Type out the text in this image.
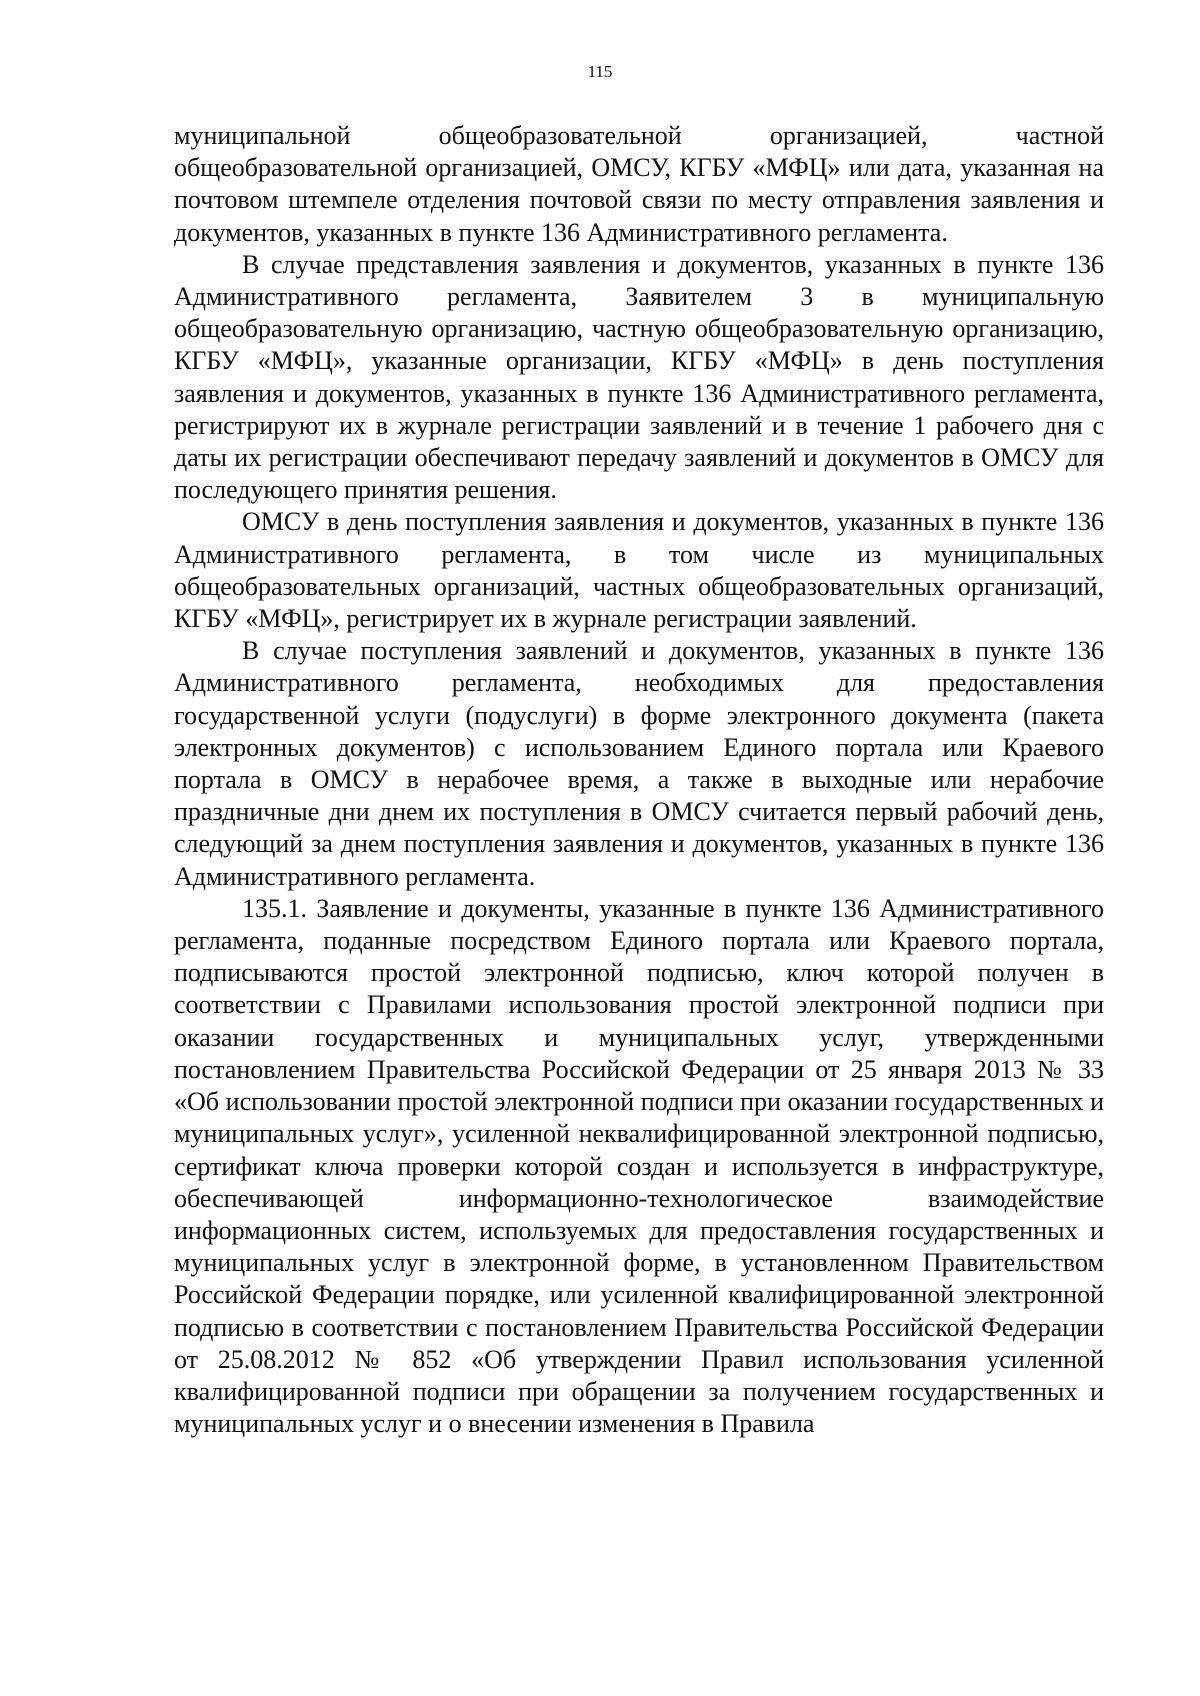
115

муниципальной общеобразовательной организацией, частной общеобразовательной организацией, ОМСУ, КГБУ «МФЦ» или дата, указанная на почтовом штемпеле отделения почтовой связи по месту отправления заявления и документов, указанных в пункте 136 Административного регламента.

В случае представления заявления и документов, указанных в пункте 136 Административного регламента, Заявителем 3 в муниципальную общеобразовательную организацию, частную общеобразовательную организацию, КГБУ «МФЦ», указанные организации, КГБУ «МФЦ» в день поступления заявления и документов, указанных в пункте 136 Административного регламента, регистрируют их в журнале регистрации заявлений и в течение 1 рабочего дня с даты их регистрации обеспечивают передачу заявлений и документов в ОМСУ для последующего принятия решения.

ОМСУ в день поступления заявления и документов, указанных в пункте 136 Административного регламента, в том числе из муниципальных общеобразовательных организаций, частных общеобразовательных организаций, КГБУ «МФЦ», регистрирует их в журнале регистрации заявлений.

В случае поступления заявлений и документов, указанных в пункте 136 Административного регламента, необходимых для предоставления государственной услуги (подуслуги) в форме электронного документа (пакета электронных документов) с использованием Единого портала или Краевого портала в ОМСУ в нерабочее время, а также в выходные или нерабочие праздничные дни днем их поступления в ОМСУ считается первый рабочий день, следующий за днем поступления заявления и документов, указанных в пункте 136 Административного регламента.

135.1. Заявление и документы, указанные в пункте 136 Административного регламента, поданные посредством Единого портала или Краевого портала, подписываются простой электронной подписью, ключ которой получен в соответствии с Правилами использования простой электронной подписи при оказании государственных и муниципальных услуг, утвержденными постановлением Правительства Российской Федерации от 25 января 2013 № 33 «Об использовании простой электронной подписи при оказании государственных и муниципальных услуг», усиленной неквалифицированной электронной подписью, сертификат ключа проверки которой создан и используется в инфраструктуре, обеспечивающей информационно-технологическое взаимодействие информационных систем, используемых для предоставления государственных и муниципальных услуг в электронной форме, в установленном Правительством Российской Федерации порядке, или усиленной квалифицированной электронной подписью в соответствии с постановлением Правительства Российской Федерации от 25.08.2012 № 852 «Об утверждении Правил использования усиленной квалифицированной подписи при обращении за получением государственных и муниципальных услуг и о внесении изменения в Правила
